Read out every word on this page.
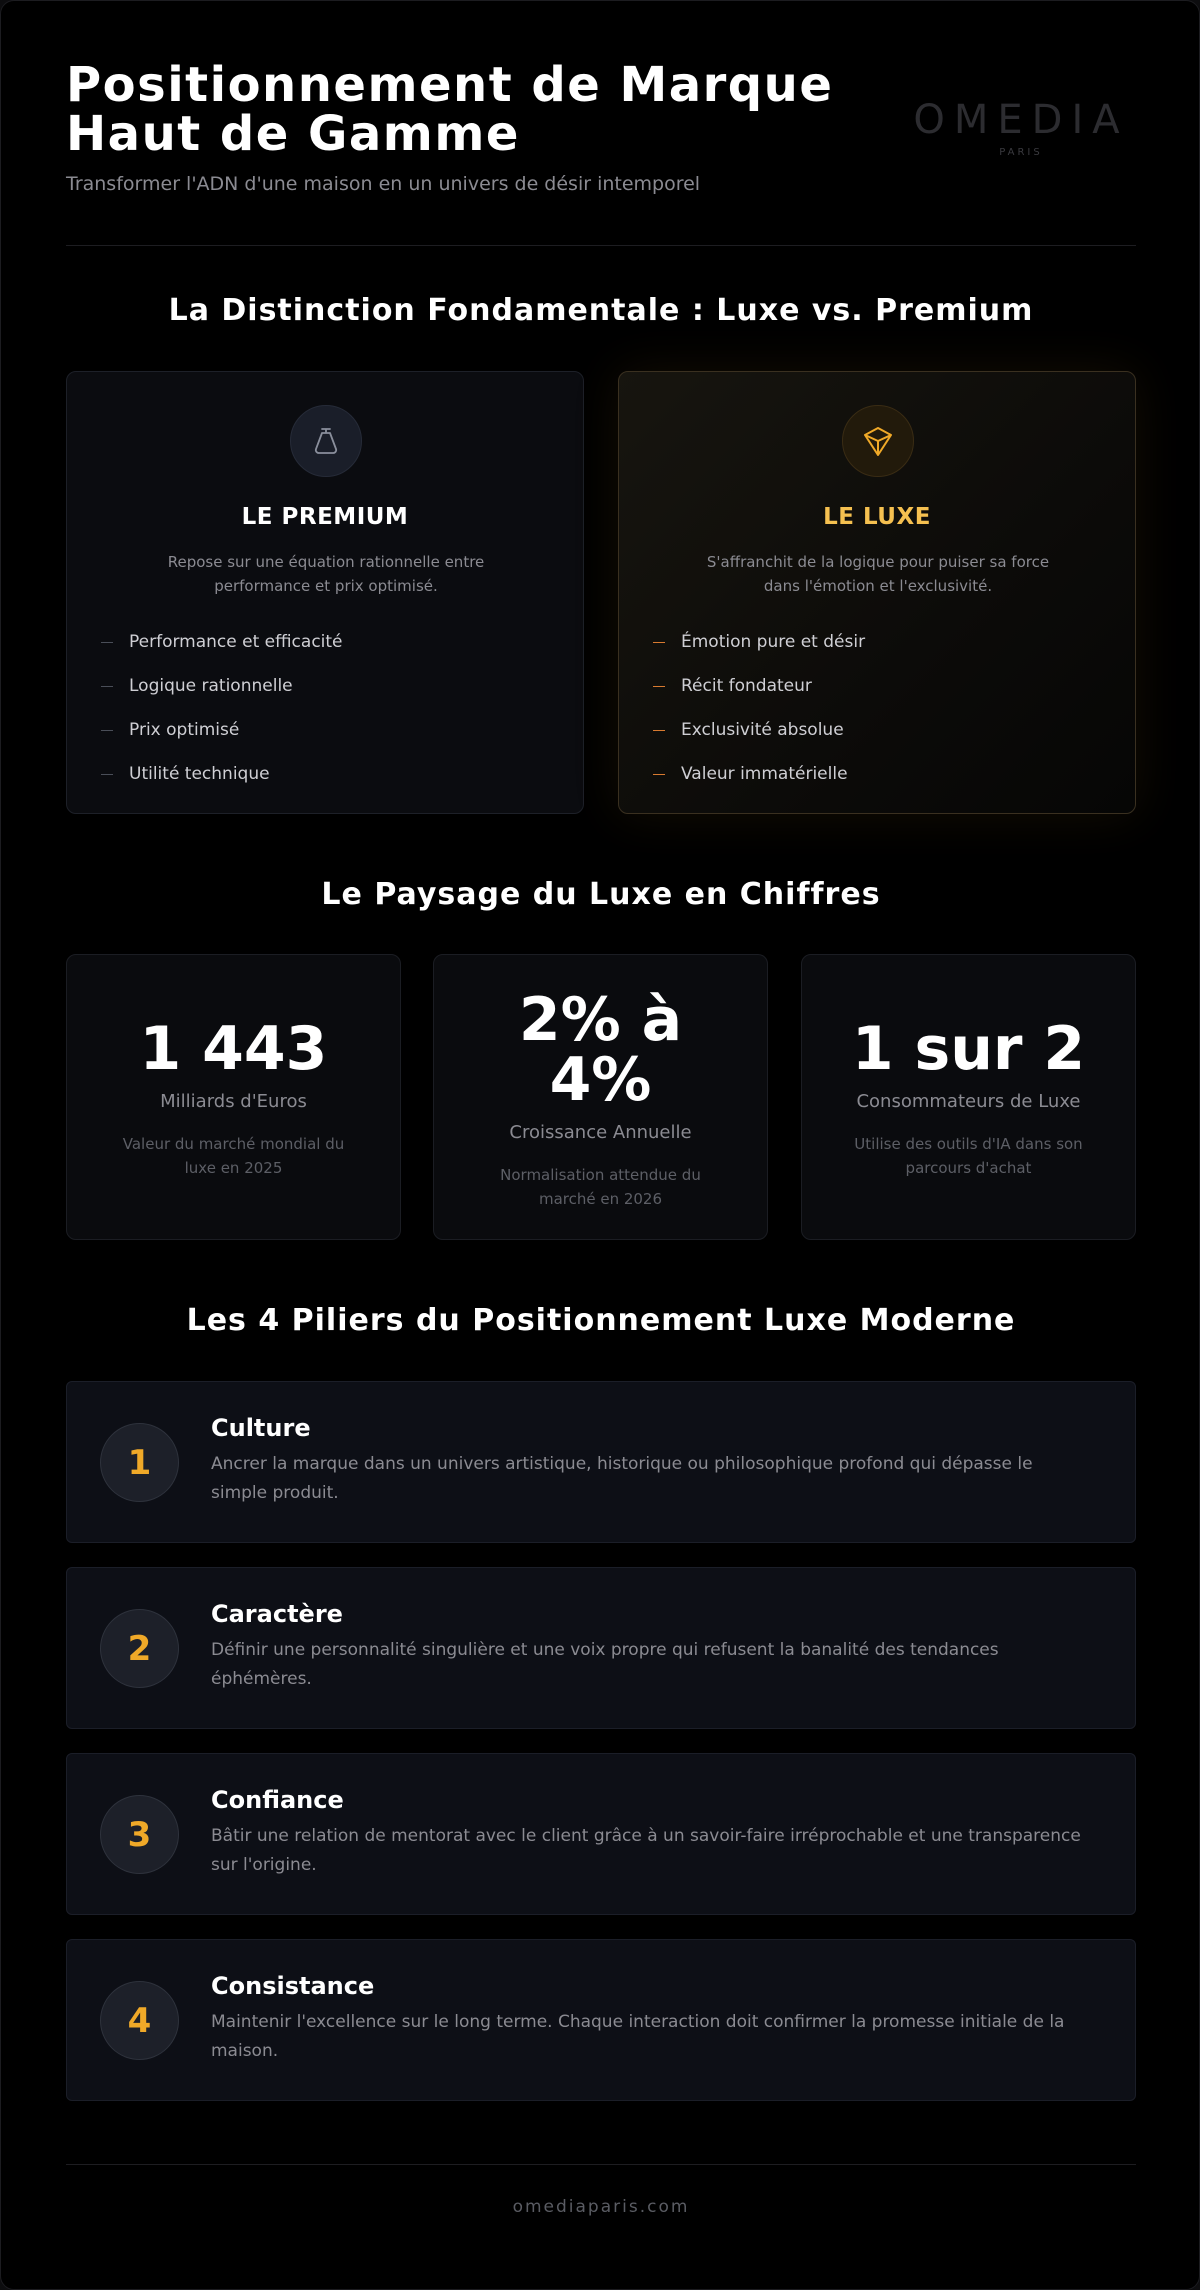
Positionnement de Marque
Haut de Gamme
Transformer l'ADN d'une maison en un univers de désir intemporel
OMEDIA
PARIS
La Distinction Fondamentale : Luxe vs. Premium
LE PREMIUM
Repose sur une équation rationnelle entre performance et prix optimisé.
Performance et efficacité
Logique rationnelle
Prix optimisé
Utilité technique
LE LUXE
S'affranchit de la logique pour puiser sa force dans l'émotion et l'exclusivité.
Émotion pure et désir
Récit fondateur
Exclusivité absolue
Valeur immatérielle
Le Paysage du Luxe en Chiffres
1 443
Milliards d'Euros
Valeur du marché mondial du luxe en 2025
2% à
4%
Croissance Annuelle
Normalisation attendue du marché en 2026
1 sur 2
Consommateurs de Luxe
Utilise des outils d'IA dans son parcours d'achat
Les 4 Piliers du Positionnement Luxe Moderne
1
Culture
Ancrer la marque dans un univers artistique, historique ou philosophique profond qui dépasse le simple produit.
2
Caractère
Définir une personnalité singulière et une voix propre qui refusent la banalité des tendances éphémères.
3
Confiance
Bâtir une relation de mentorat avec le client grâce à un savoir-faire irréprochable et une transparence sur l'origine.
4
Consistance
Maintenir l'excellence sur le long terme. Chaque interaction doit confirmer la promesse initiale de la maison.
omediaparis.com
